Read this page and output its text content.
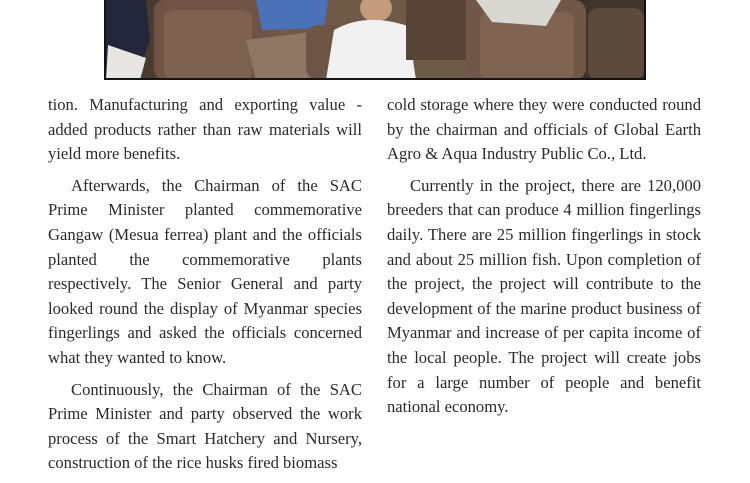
tion. Manufacturing and exporting value -added products rather than raw materials will yield more benefits.

Afterwards, the Chairman of the SAC Prime Minister planted commemorative Gangaw (Mesua ferrea) plant and the officials planted the commemorative plants respectively. The Senior General and party looked round the display of Myanmar species fingerlings and asked the officials concerned what they wanted to know.

Continuously, the Chairman of the SAC Prime Minister and party observed the work process of the Smart Hatchery and Nursery, construction of the rice husks fired biomass

cold storage where they were conducted round by the chairman and officials of Global Earth Agro & Aqua Industry Public Co., Ltd.

Currently in the project, there are 120,000 breeders that can produce 4 million fingerlings daily. There are 25 million fingerlings in stock and about 25 million fish. Upon completion of the project, the project will contribute to the development of the marine product business of Myanmar and increase of per capita income of the local people. The project will create jobs for a large number of people and benefit national economy.
